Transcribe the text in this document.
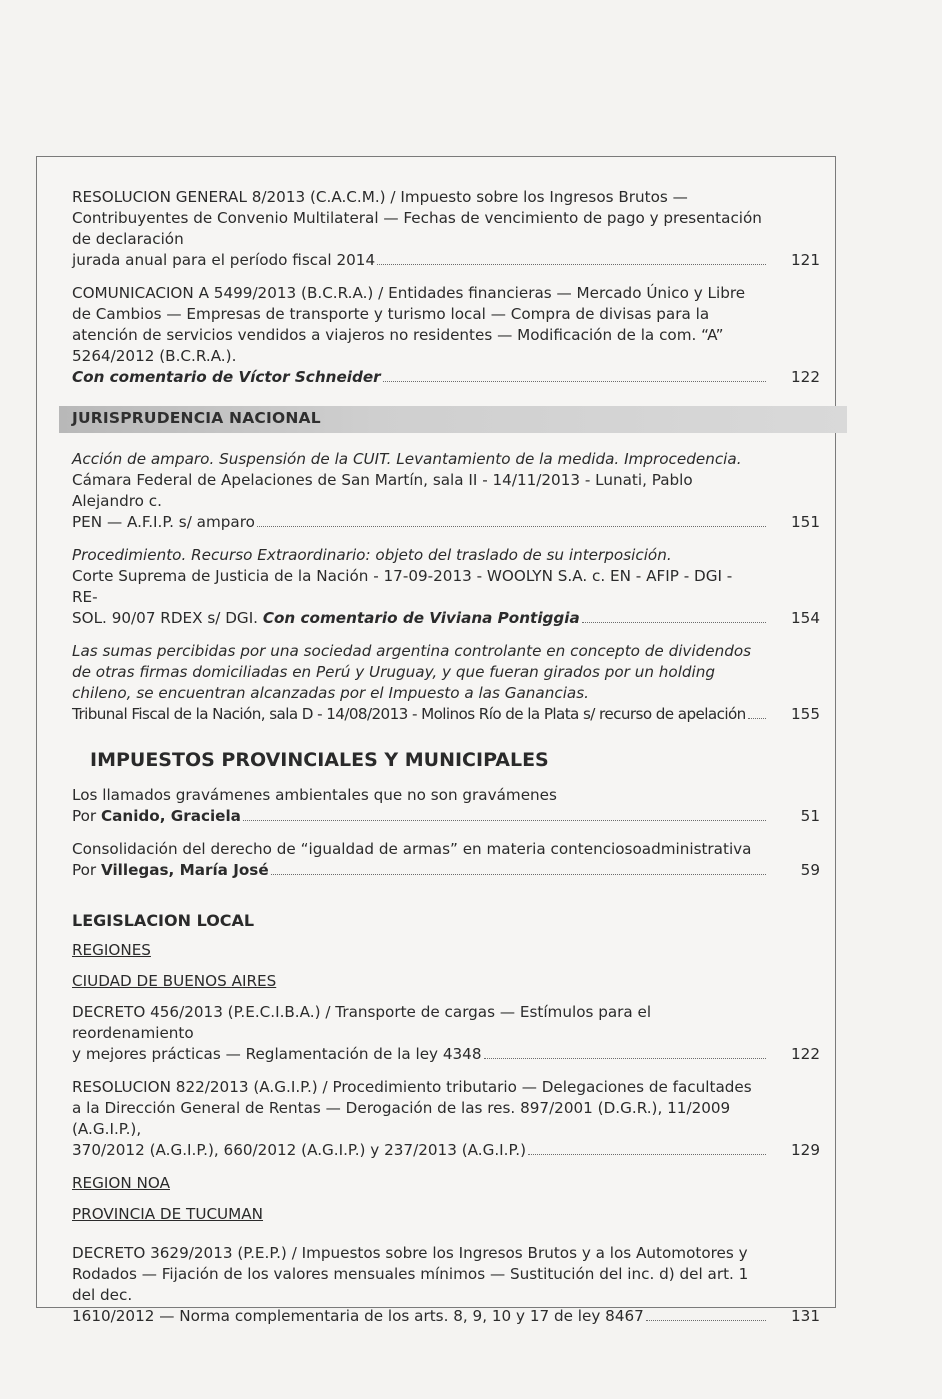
RESOLUCION GENERAL 8/2013 (C.A.C.M.) / Impuesto sobre los Ingresos Brutos — Contribuyentes de Convenio Multilateral — Fechas de vencimiento de pago y presentación de declaración
jurada anual para el período fiscal 2014	121
COMUNICACION A 5499/2013 (B.C.R.A.) / Entidades financieras — Mercado Único y Libre de Cambios — Empresas de transporte y turismo local — Compra de divisas para la atención de servicios vendidos a viajeros no residentes — Modificación de la com. “A” 5264/2012 (B.C.R.A.).
Con comentario de Víctor Schneider	122
JURISPRUDENCIA NACIONAL
Acción de amparo. Suspensión de la CUIT. Levantamiento de la medida. Improcedencia.
Cámara Federal de Apelaciones de San Martín, sala II - 14/11/2013 - Lunati, Pablo Alejandro c.
PEN — A.F.I.P. s/ amparo	151
Procedimiento. Recurso Extraordinario: objeto del traslado de su interposición.
Corte Suprema de Justicia de la Nación - 17-09-2013 - WOOLYN S.A. c. EN - AFIP - DGI - RE-
SOL. 90/07 RDEX s/ DGI. Con comentario de Viviana Pontiggia	154
Las sumas percibidas por una sociedad argentina controlante en concepto de dividendos de otras firmas domiciliadas en Perú y Uruguay, y que fueran girados por un holding chileno, se encuentran alcanzadas por el Impuesto a las Ganancias.
Tribunal Fiscal de la Nación, sala D - 14/08/2013 - Molinos Río de la Plata s/ recurso de apelación	155
IMPUESTOS PROVINCIALES Y MUNICIPALES
Los llamados gravámenes ambientales que no son gravámenes
Por Canido, Graciela	51
Consolidación del derecho de “igualdad de armas” en materia contenciosoadministrativa
Por Villegas, María José	59
LEGISLACION LOCAL
REGIONES
CIUDAD DE BUENOS AIRES
DECRETO 456/2013 (P.E.C.I.B.A.) / Transporte de cargas — Estímulos para el reordenamiento
y mejores prácticas — Reglamentación de la ley 4348	122
RESOLUCION 822/2013 (A.G.I.P.) / Procedimiento tributario — Delegaciones de facultades a la Dirección General de Rentas — Derogación de las res. 897/2001 (D.G.R.), 11/2009 (A.G.I.P.),
370/2012 (A.G.I.P.), 660/2012 (A.G.I.P.) y 237/2013 (A.G.I.P.)	129
REGION NOA
PROVINCIA DE TUCUMAN
DECRETO 3629/2013 (P.E.P.) / Impuestos sobre los Ingresos Brutos y a los Automotores y Rodados — Fijación de los valores mensuales mínimos — Sustitución del inc. d) del art. 1 del dec.
1610/2012 — Norma complementaria de los arts. 8, 9, 10 y 17 de ley 8467	131
